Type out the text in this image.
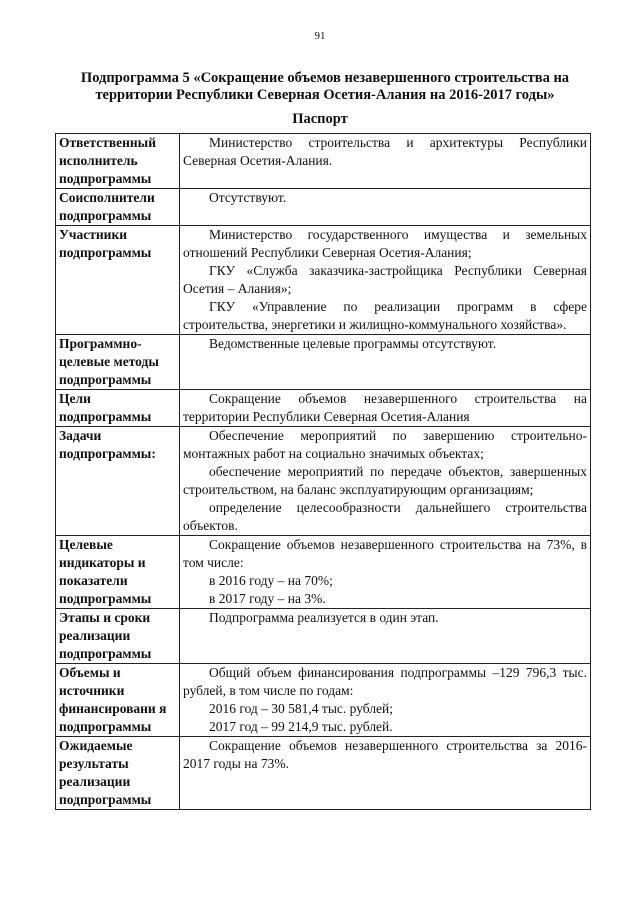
91
Подпрограмма 5 «Сокращение объемов незавершенного строительства на
территории Республики Северная Осетия-Алания на 2016-2017 годы»
Паспорт
Ответственный исполнитель подпрограммы	Министерство строительства и архитектуры Республики Северная Осетия-Алания.

Соисполнители подпрограммы	Отсутствуют.

Участники подпрограммы	Министерство государственного имущества и земельных отношений Республики Северная Осетия-Алания;

ГКУ «Служба заказчика-застройщика Республики Северная Осетия – Алания»;

ГКУ «Управление по реализации программ в сфере строительства, энергетики и жилищно-коммунального хозяйства».

Программно-целевые методы подпрограммы	Ведомственные целевые программы отсутствуют.

Цели подпрограммы	Сокращение объемов незавершенного строительства на территории Республики Северная Осетия-Алания

Задачи подпрограммы:	Обеспечение мероприятий по завершению строительно-монтажных работ на социально значимых объектах;

обеспечение мероприятий по передаче объектов, завершенных строительством, на баланс эксплуатирующим организациям;

определение целесообразности дальнейшего строительства объектов.

Целевые индикаторы и показатели подпрограммы	Сокращение объемов незавершенного строительства на 73%, в том числе:

в 2016 году – на 70%;

в 2017 году – на 3%.

Этапы и сроки реализации подпрограммы	Подпрограмма реализуется в один этап.

Объемы и источники финансировани я подпрограммы	Общий объем финансирования подпрограммы –129 796,3 тыс. рублей, в том числе по годам:

2016 год – 30 581,4 тыс. рублей;

2017 год – 99 214,9 тыс. рублей.

Ожидаемые результаты реализации подпрограммы	Сокращение объемов незавершенного строительства за 2016-2017 годы на 73%.
